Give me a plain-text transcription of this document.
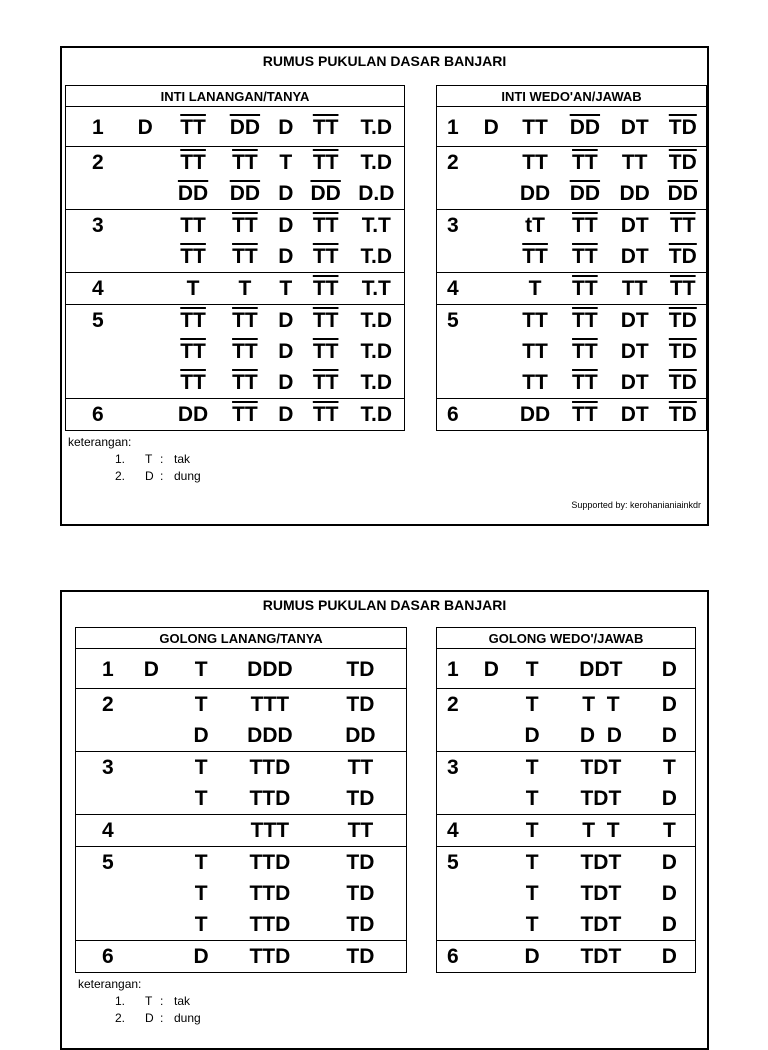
RUMUS PUKULAN DASAR BANJARI
INTI LANANGAN/TANYA						
1	D	$\overline{TT}$	$\overline{DD}$	D	$\overline{TT}$	T.D
2		$\overline{TT}$	$\overline{TT}$	T	$\overline{TT}$	T.D
		$\overline{DD}$	$\overline{DD}$	D	$\overline{DD}$	D.D
3		TT	$\overline{TT}$	D	$\overline{TT}$	T.T
		$\overline{TT}$	$\overline{TT}$	D	$\overline{TT}$	T.D
4		T	T	T	$\overline{TT}$	T.T
5		$\overline{TT}$	$\overline{TT}$	D	$\overline{TT}$	T.D
		$\overline{TT}$	$\overline{TT}$	D	$\overline{TT}$	T.D
		$\overline{TT}$	$\overline{TT}$	D	$\overline{TT}$	T.D
6		DD	$\overline{TT}$	D	$\overline{TT}$	T.D
INTI WEDO'AN/JAWAB					
1	D	TT	$\overline{DD}$	DT	$\overline{TD}$
2		TT	$\overline{TT}$	TT	$\overline{TD}$
		DD	$\overline{DD}$	DD	$\overline{DD}$
3		tT	$\overline{TT}$	DT	$\overline{TT}$
		$\overline{TT}$	$\overline{TT}$	DT	$\overline{TD}$
4		T	$\overline{TT}$	TT	$\overline{TT}$
5		TT	$\overline{TT}$	DT	$\overline{TD}$
		TT	$\overline{TT}$	DT	$\overline{TD}$
		TT	$\overline{TT}$	DT	$\overline{TD}$
6		DD	$\overline{TT}$	DT	$\overline{TD}$
keterangan:
1.	T : tak
2.	D : dung
Supported by: kerohanianiainkdr
RUMUS PUKULAN DASAR BANJARI
GOLONG LANANG/TANYA				
1	D	T	DDD	TD
2		T	TTT	TD
		D	DDD	DD
3		T	TTD	TT
		T	TTD	TD
4			TTT	TT
5		T	TTD	TD
		T	TTD	TD
		T	TTD	TD
6		D	TTD	TD
GOLONG WEDO'/JAWAB				
1	D	T	DDT	D
2		T	T  T	D
		D	D  D	D
3		T	TDT	T
		T	TDT	D
4		T	T  T	T
5		T	TDT	D
		T	TDT	D
		T	TDT	D
6		D	TDT	D
keterangan:
1.	T : tak
2.	D : dung
